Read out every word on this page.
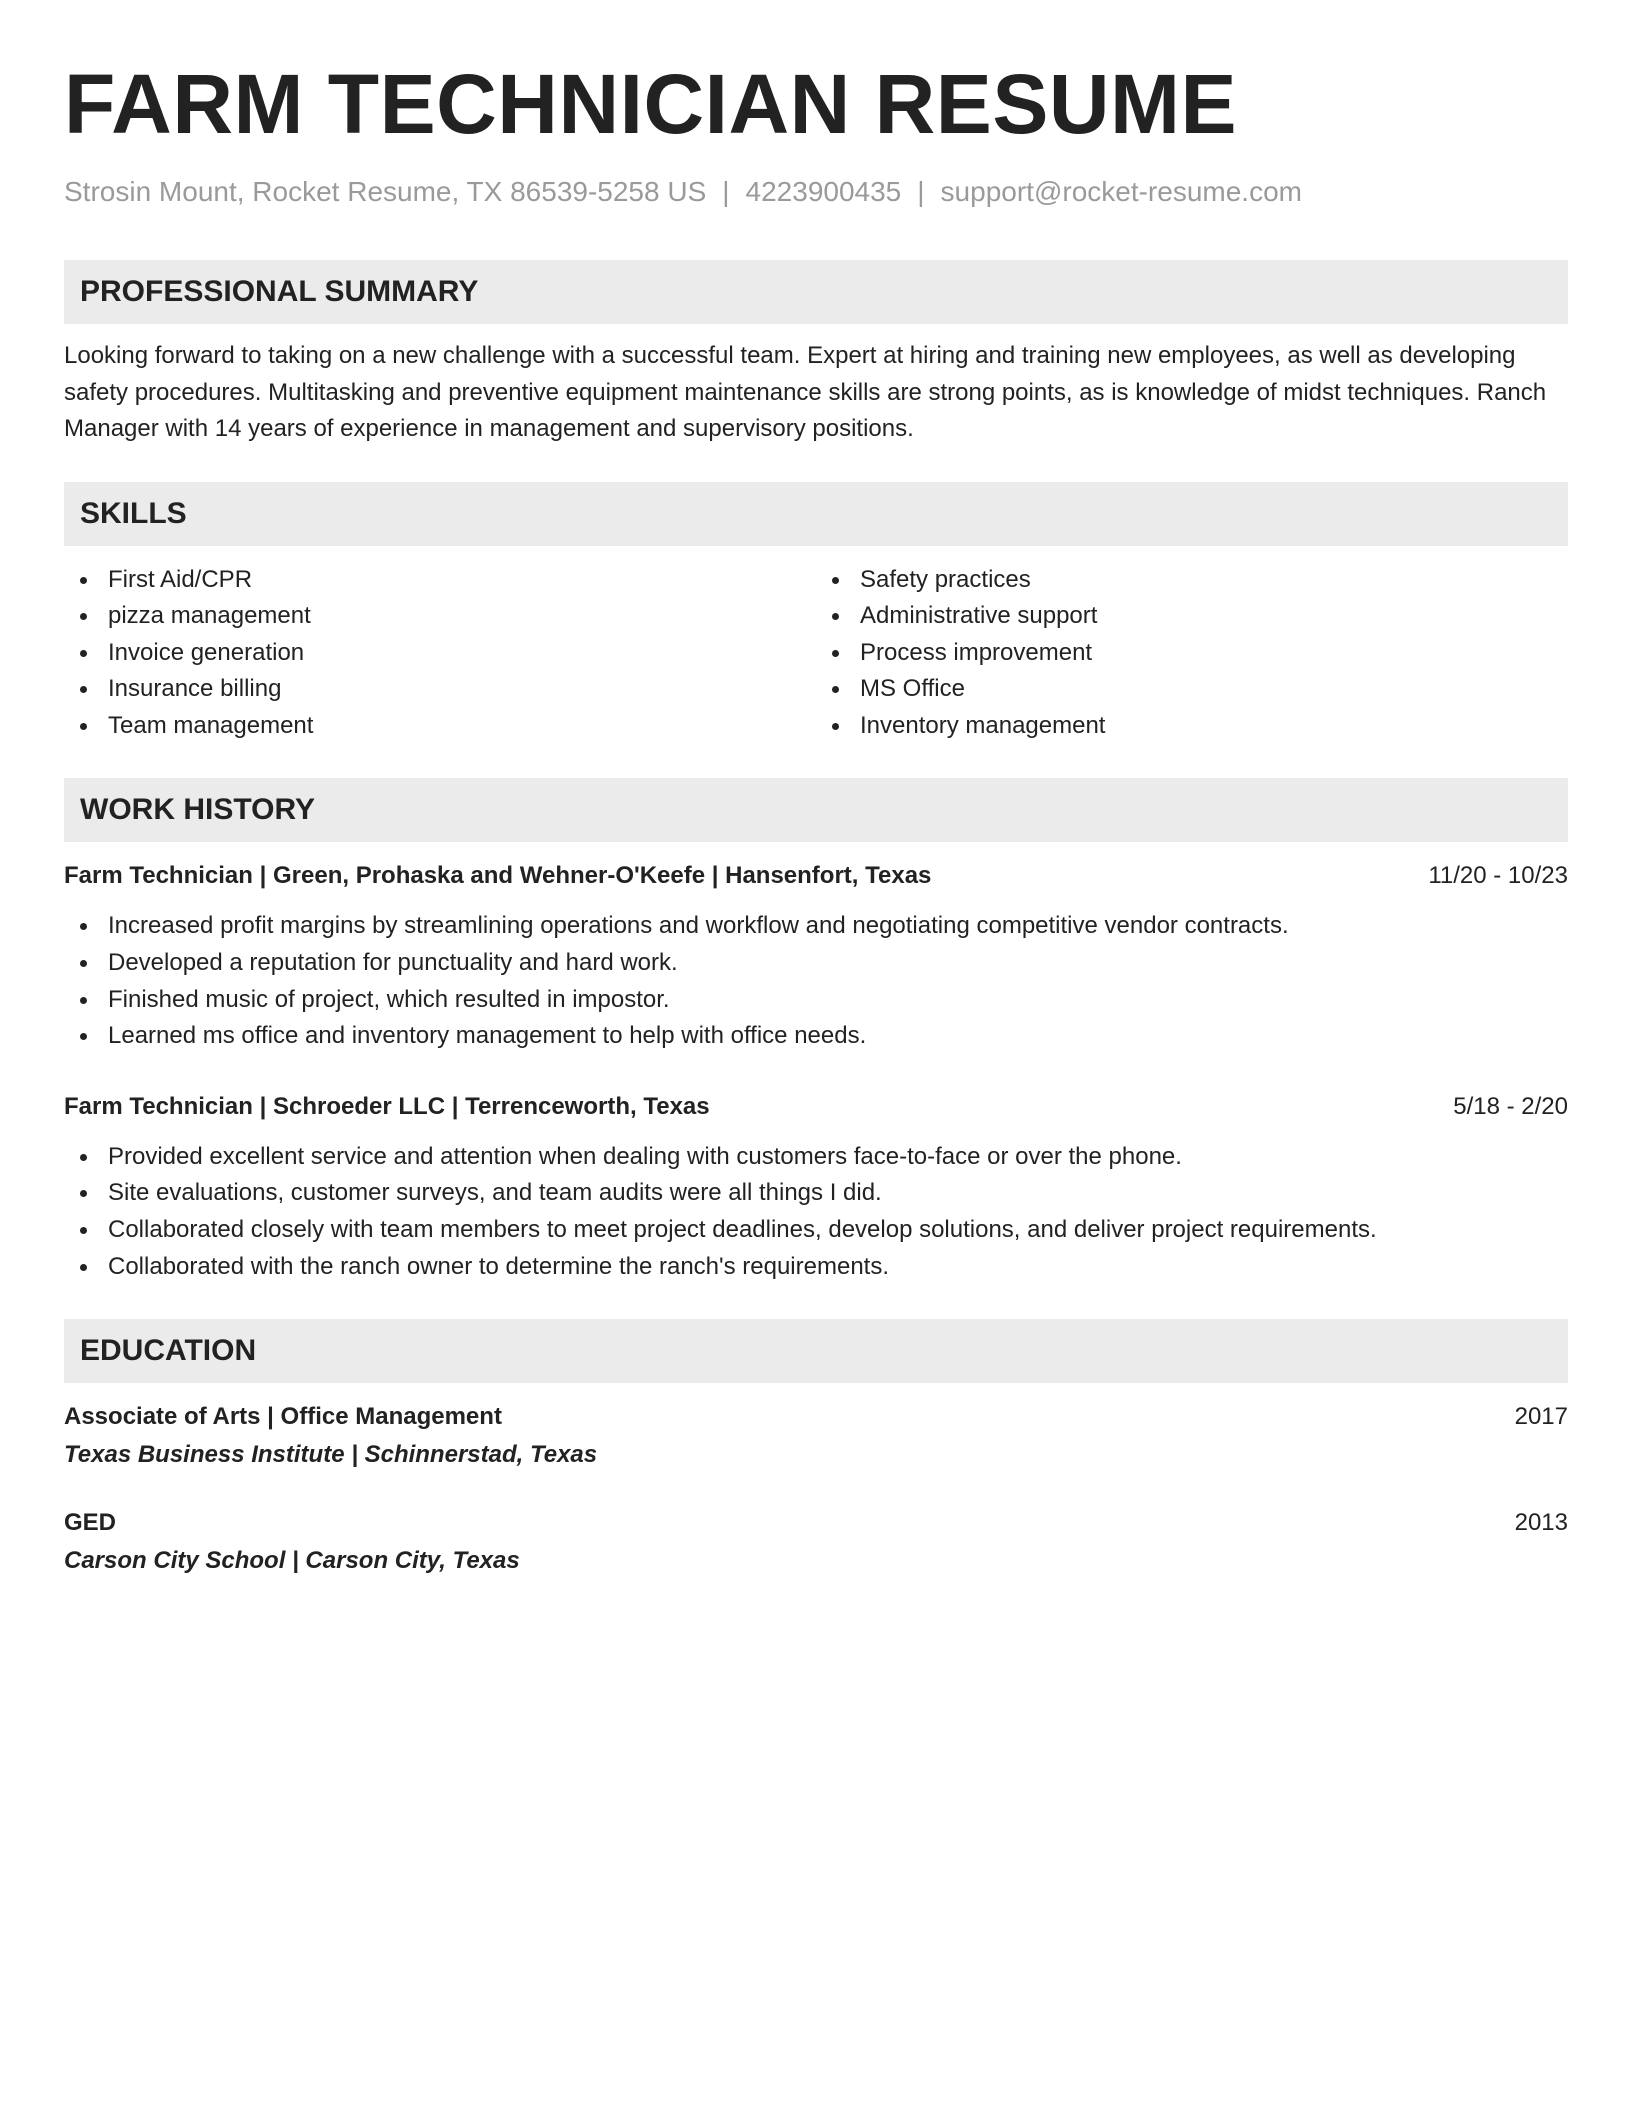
FARM TECHNICIAN RESUME
Strosin Mount, Rocket Resume, TX 86539-5258 US | 4223900435 | support@rocket-resume.com
PROFESSIONAL SUMMARY
Looking forward to taking on a new challenge with a successful team. Expert at hiring and training new employees, as well as developing safety procedures. Multitasking and preventive equipment maintenance skills are strong points, as is knowledge of midst techniques. Ranch Manager with 14 years of experience in management and supervisory positions.
SKILLS
First Aid/CPR
pizza management
Invoice generation
Insurance billing
Team management
Safety practices
Administrative support
Process improvement
MS Office
Inventory management
WORK HISTORY
Farm Technician | Green, Prohaska and Wehner-O'Keefe | Hansenfort, Texas	11/20 - 10/23
Increased profit margins by streamlining operations and workflow and negotiating competitive vendor contracts.
Developed a reputation for punctuality and hard work.
Finished music of project, which resulted in impostor.
Learned ms office and inventory management to help with office needs.
Farm Technician | Schroeder LLC | Terrenceworth, Texas	5/18 - 2/20
Provided excellent service and attention when dealing with customers face-to-face or over the phone.
Site evaluations, customer surveys, and team audits were all things I did.
Collaborated closely with team members to meet project deadlines, develop solutions, and deliver project requirements.
Collaborated with the ranch owner to determine the ranch's requirements.
EDUCATION
Associate of Arts | Office Management	2017
Texas Business Institute | Schinnerstad, Texas
GED	2013
Carson City School | Carson City, Texas
